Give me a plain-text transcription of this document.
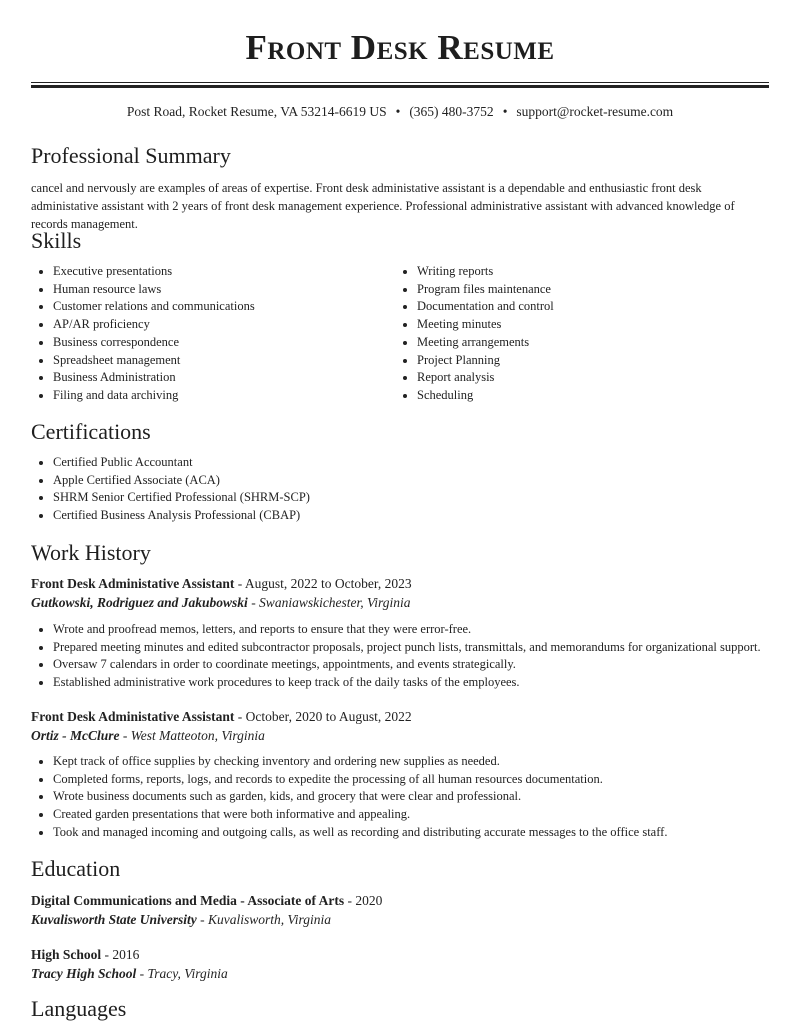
Front Desk Resume
Post Road, Rocket Resume, VA 53214-6619 US • (365) 480-3752 • support@rocket-resume.com
Professional Summary
cancel and nervously are examples of areas of expertise. Front desk administative assistant is a dependable and enthusiastic front desk administative assistant with 2 years of front desk management experience. Professional administrative assistant with advanced knowledge of records management.
Skills
• Executive presentations
• Human resource laws
• Customer relations and communications
• AP/AR proficiency
• Business correspondence
• Spreadsheet management
• Business Administration
• Filing and data archiving
• Writing reports
• Program files maintenance
• Documentation and control
• Meeting minutes
• Meeting arrangements
• Project Planning
• Report analysis
• Scheduling
Certifications
• Certified Public Accountant
• Apple Certified Associate (ACA)
• SHRM Senior Certified Professional (SHRM-SCP)
• Certified Business Analysis Professional (CBAP)
Work History
Front Desk Administative Assistant - August, 2022 to October, 2023
Gutkowski, Rodriguez and Jakubowski - Swaniawskichester, Virginia
• Wrote and proofread memos, letters, and reports to ensure that they were error-free.
• Prepared meeting minutes and edited subcontractor proposals, project punch lists, transmittals, and memorandums for organizational support.
• Oversaw 7 calendars in order to coordinate meetings, appointments, and events strategically.
• Established administrative work procedures to keep track of the daily tasks of the employees.
Front Desk Administative Assistant - October, 2020 to August, 2022
Ortiz - McClure - West Matteoton, Virginia
• Kept track of office supplies by checking inventory and ordering new supplies as needed.
• Completed forms, reports, logs, and records to expedite the processing of all human resources documentation.
• Wrote business documents such as garden, kids, and grocery that were clear and professional.
• Created garden presentations that were both informative and appealing.
• Took and managed incoming and outgoing calls, as well as recording and distributing accurate messages to the office staff.
Education
Digital Communications and Media - Associate of Arts - 2020
Kuvalisworth State University - Kuvalisworth, Virginia
High School - 2016
Tracy High School - Tracy, Virginia
Languages
